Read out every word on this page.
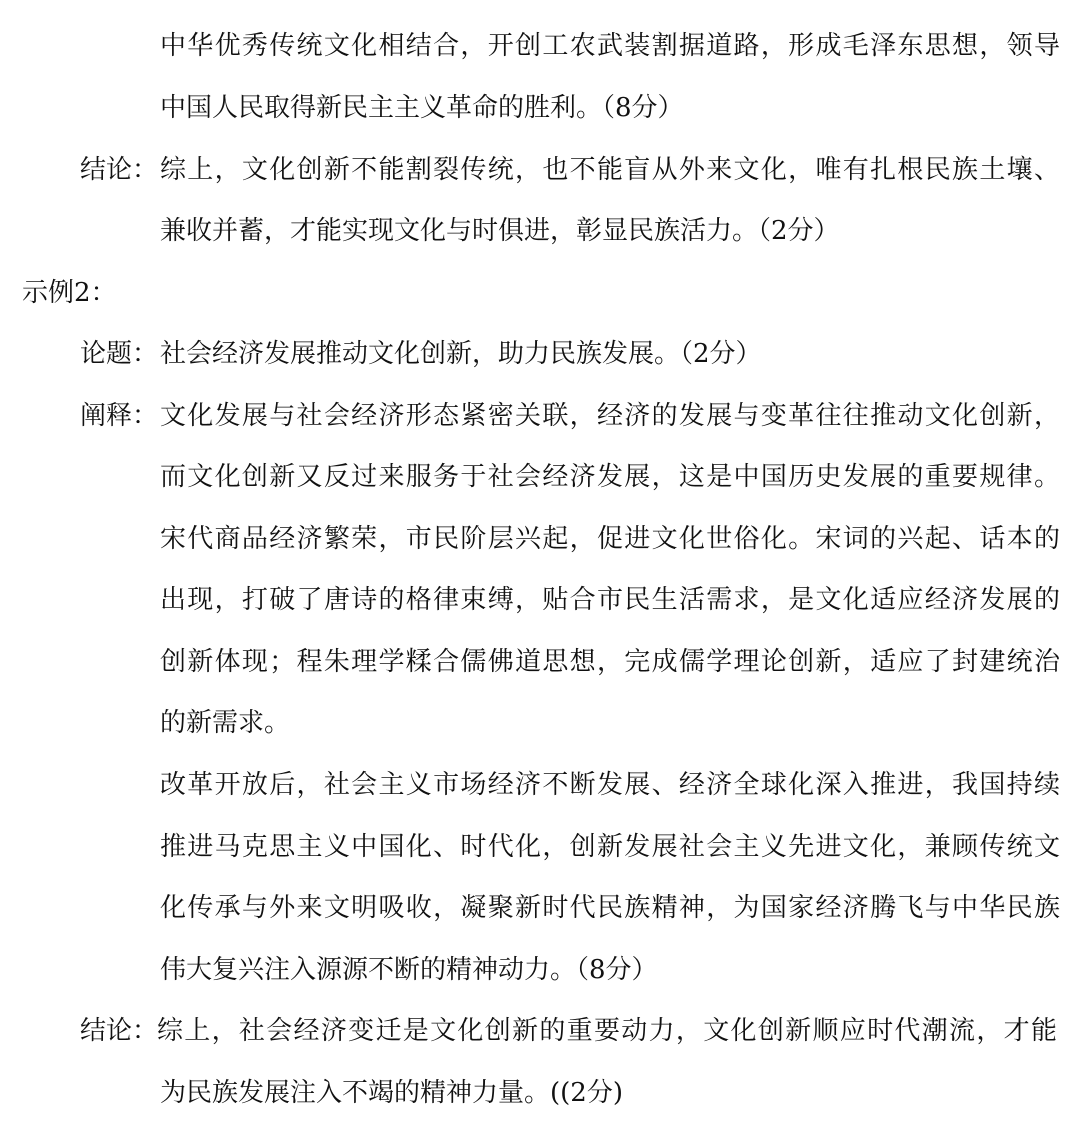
中华优秀传统文化相结合，开创工农武装割据道路，形成毛泽东思想，领导
中国人民取得新民主主义革命的胜利。（8分）
结论： 综上，文化创新不能割裂传统，也不能盲从外来文化，唯有扎根民族土壤、
兼收并蓄，才能实现文化与时俱进，彰显民族活力。（2分）
示例2：
论题： 社会经济发展推动文化创新，助力民族发展。（2分）
阐释： 文化发展与社会经济形态紧密关联，经济的发展与变革往往推动文化创新，
而文化创新又反过来服务于社会经济发展，这是中国历史发展的重要规律。
宋代商品经济繁荣，市民阶层兴起，促进文化世俗化。宋词的兴起、话本的
出现，打破了唐诗的格律束缚，贴合市民生活需求，是文化适应经济发展的
创新体现；程朱理学糅合儒佛道思想，完成儒学理论创新，适应了封建统治
的新需求。
改革开放后，社会主义市场经济不断发展、经济全球化深入推进，我国持续
推进马克思主义中国化、时代化，创新发展社会主义先进文化，兼顾传统文
化传承与外来文明吸收，凝聚新时代民族精神，为国家经济腾飞与中华民族
伟大复兴注入源源不断的精神动力。（8分）
结论：
综上，社会经济变迁是文化创新的重要动力，文化创新顺应时代潮流，才能
为民族发展注入不竭的精神力量。((2分)
